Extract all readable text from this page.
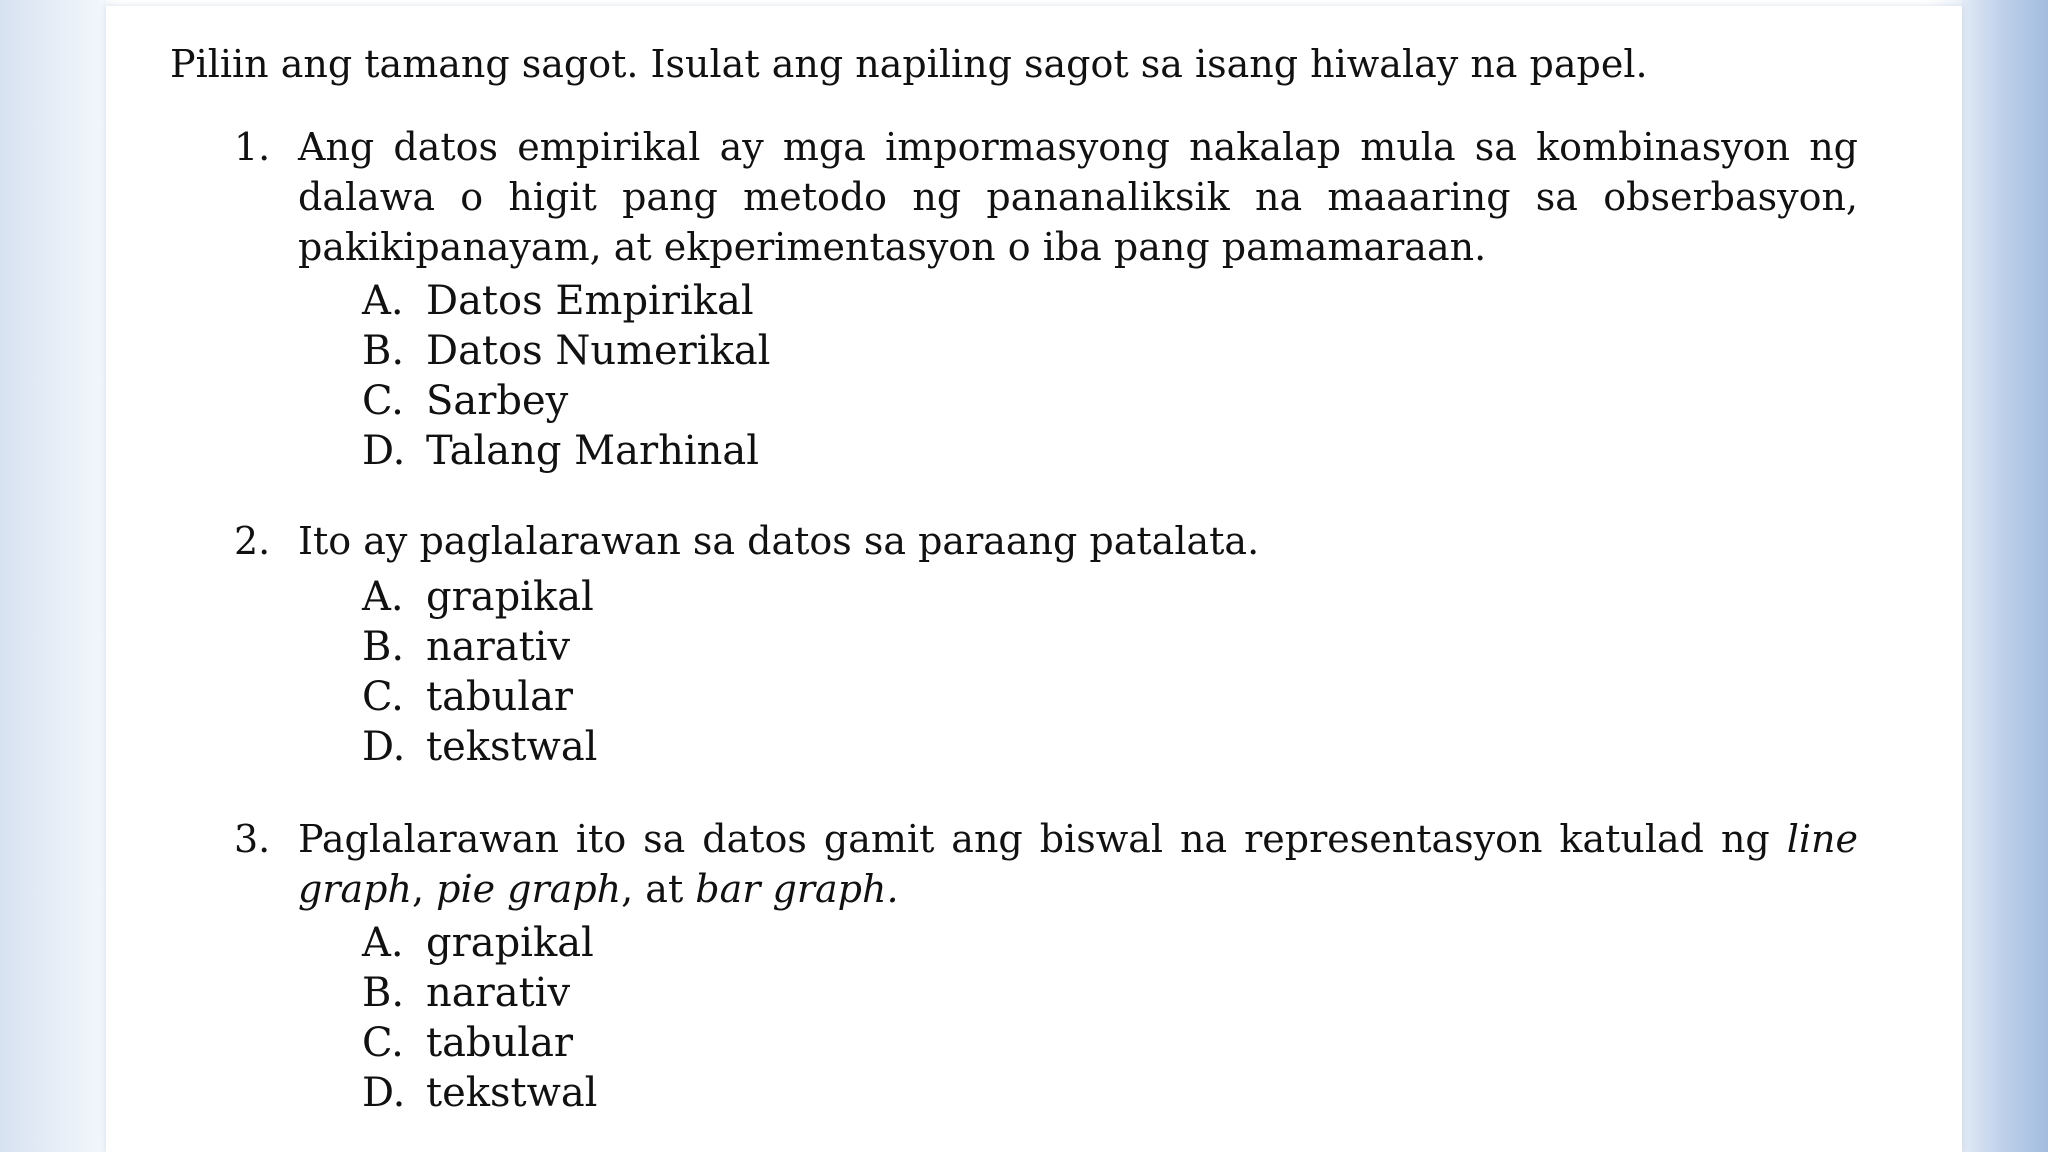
Piliin ang tamang sagot. Isulat ang napiling sagot sa isang hiwalay na papel.
1. Ang datos empirikal ay mga impormasyong nakalap mula sa kombinasyon ng dalawa o higit pang metodo ng pananaliksik na maaaring sa obserbasyon, pakikipanayam, at ekperimentasyon o iba pang pamamaraan.
A. Datos Empirikal
B. Datos Numerikal
C. Sarbey
D. Talang Marhinal
2. Ito ay paglalarawan sa datos sa paraang patalata.
A. grapikal
B. narativ
C. tabular
D. tekstwal
3. Paglalarawan ito sa datos gamit ang biswal na representasyon katulad ng line graph, pie graph, at bar graph.
A. grapikal
B. narativ
C. tabular
D. tekstwal
